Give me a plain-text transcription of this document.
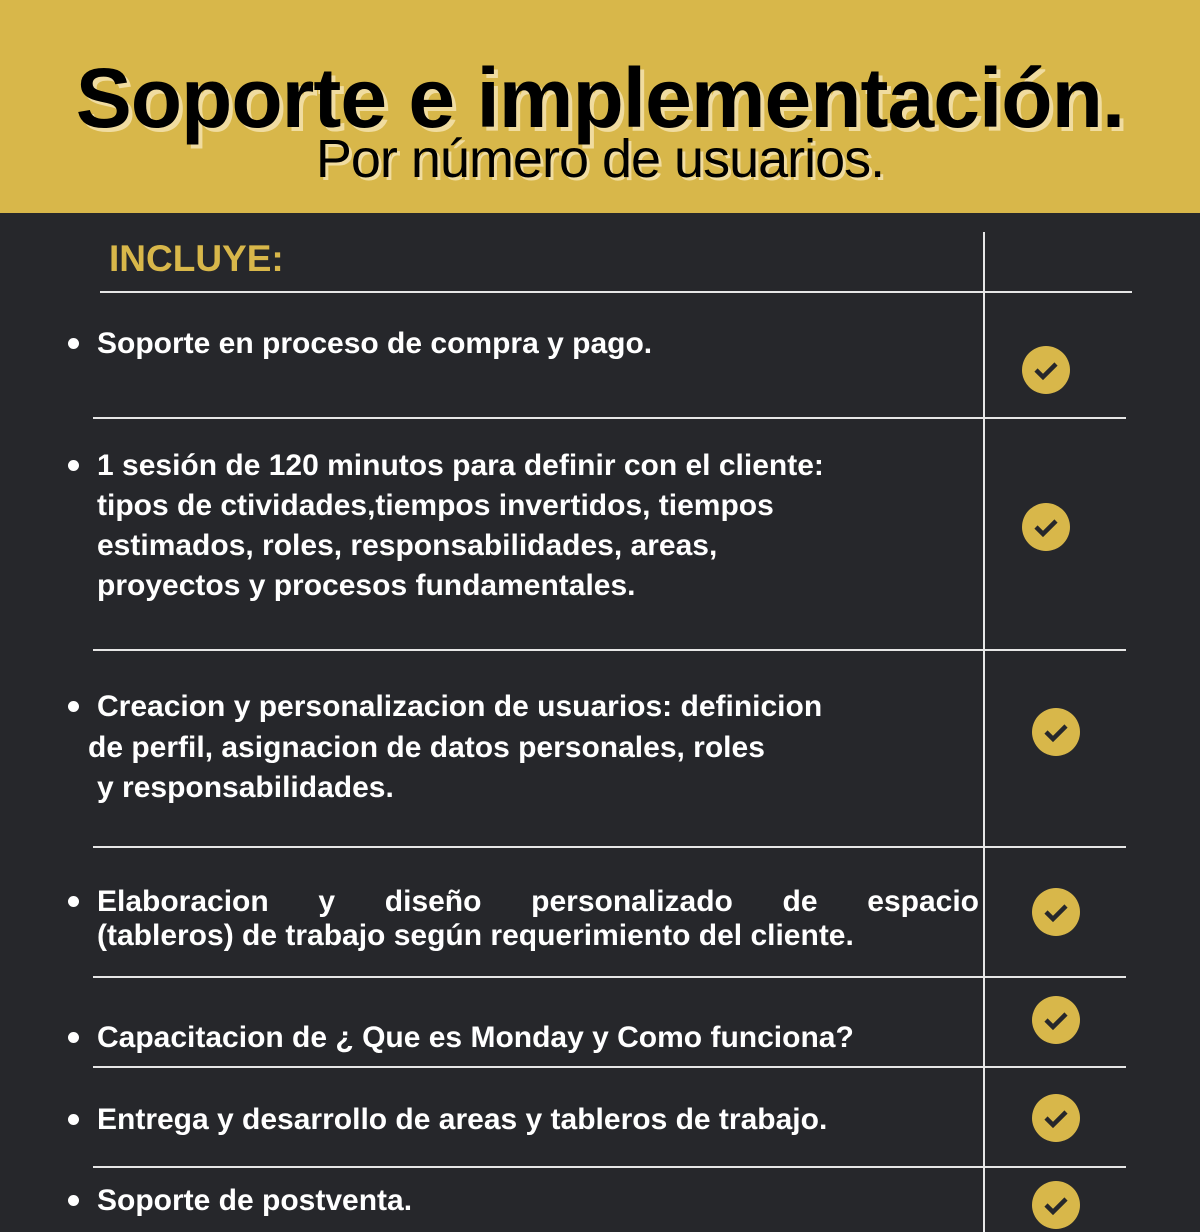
Soporte e implementación.
Por número de usuarios.
INCLUYE:
Soporte en proceso de compra y pago.
1 sesión de 120 minutos para definir con el cliente:
tipos de ctividades,tiempos invertidos, tiempos
estimados, roles, responsabilidades, areas,
proyectos y procesos fundamentales.
Creacion y personalizacion de usuarios: definicion
de perfil, asignacion de datos personales, roles
y responsabilidades.
Elaboracion y diseño personalizado de espacio
(tableros) de trabajo según requerimiento del cliente.
Capacitacion de ¿ Que es Monday y Como funciona?
Entrega y desarrollo de areas y tableros de trabajo.
Soporte de postventa.
